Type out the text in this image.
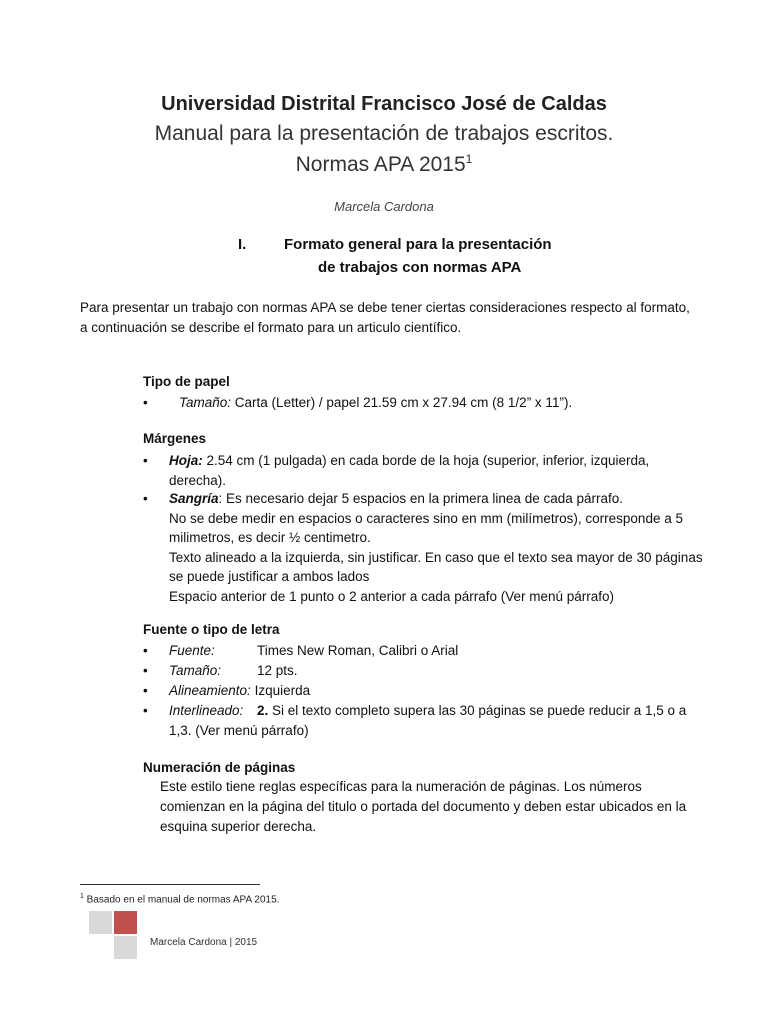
Universidad Distrital Francisco José de Caldas
Manual para la presentación de trabajos escritos.
Normas APA 2015$^1$
Marcela Cardona
I.	Formato general para la presentación
de trabajos con normas APA
Para presentar un trabajo con normas APA se debe tener ciertas consideraciones respecto al formato, a continuación se describe el formato para un articulo científico.
Tipo de papel
•	Tamaño: Carta (Letter) / papel 21.59 cm x 27.94 cm (8 1/2” x 11”).
Márgenes
•	Hoja: 2.54 cm (1 pulgada) en cada borde de la hoja (superior, inferior, izquierda, derecha).
•	Sangría: Es necesario dejar 5 espacios en la primera linea de cada párrafo.
No se debe medir en espacios o caracteres sino en mm (milímetros), corresponde a 5 milimetros, es decir ½ centimetro.
Texto alineado a la izquierda, sin justificar. En caso que el texto sea mayor de 30 páginas se puede justificar a ambos lados
Espacio anterior de 1 punto o 2 anterior a cada párrafo (Ver menú párrafo)
Fuente o tipo de letra
•	Fuente:	Times New Roman, Calibri o Arial
•	Tamaño:	12 pts.
•	Alineamiento: Izquierda
•	Interlineado: 2. Si el texto completo supera las 30 páginas se puede reducir a 1,5 o a 1,3. (Ver menú párrafo)
Numeración de páginas
Este estilo tiene reglas específicas para la numeración de páginas. Los números comienzan en la página del titulo o portada del documento y deben estar ubicados en la esquina superior derecha.
$^1$ Basado en el manual de normas APA 2015.
Marcela Cardona | 2015
